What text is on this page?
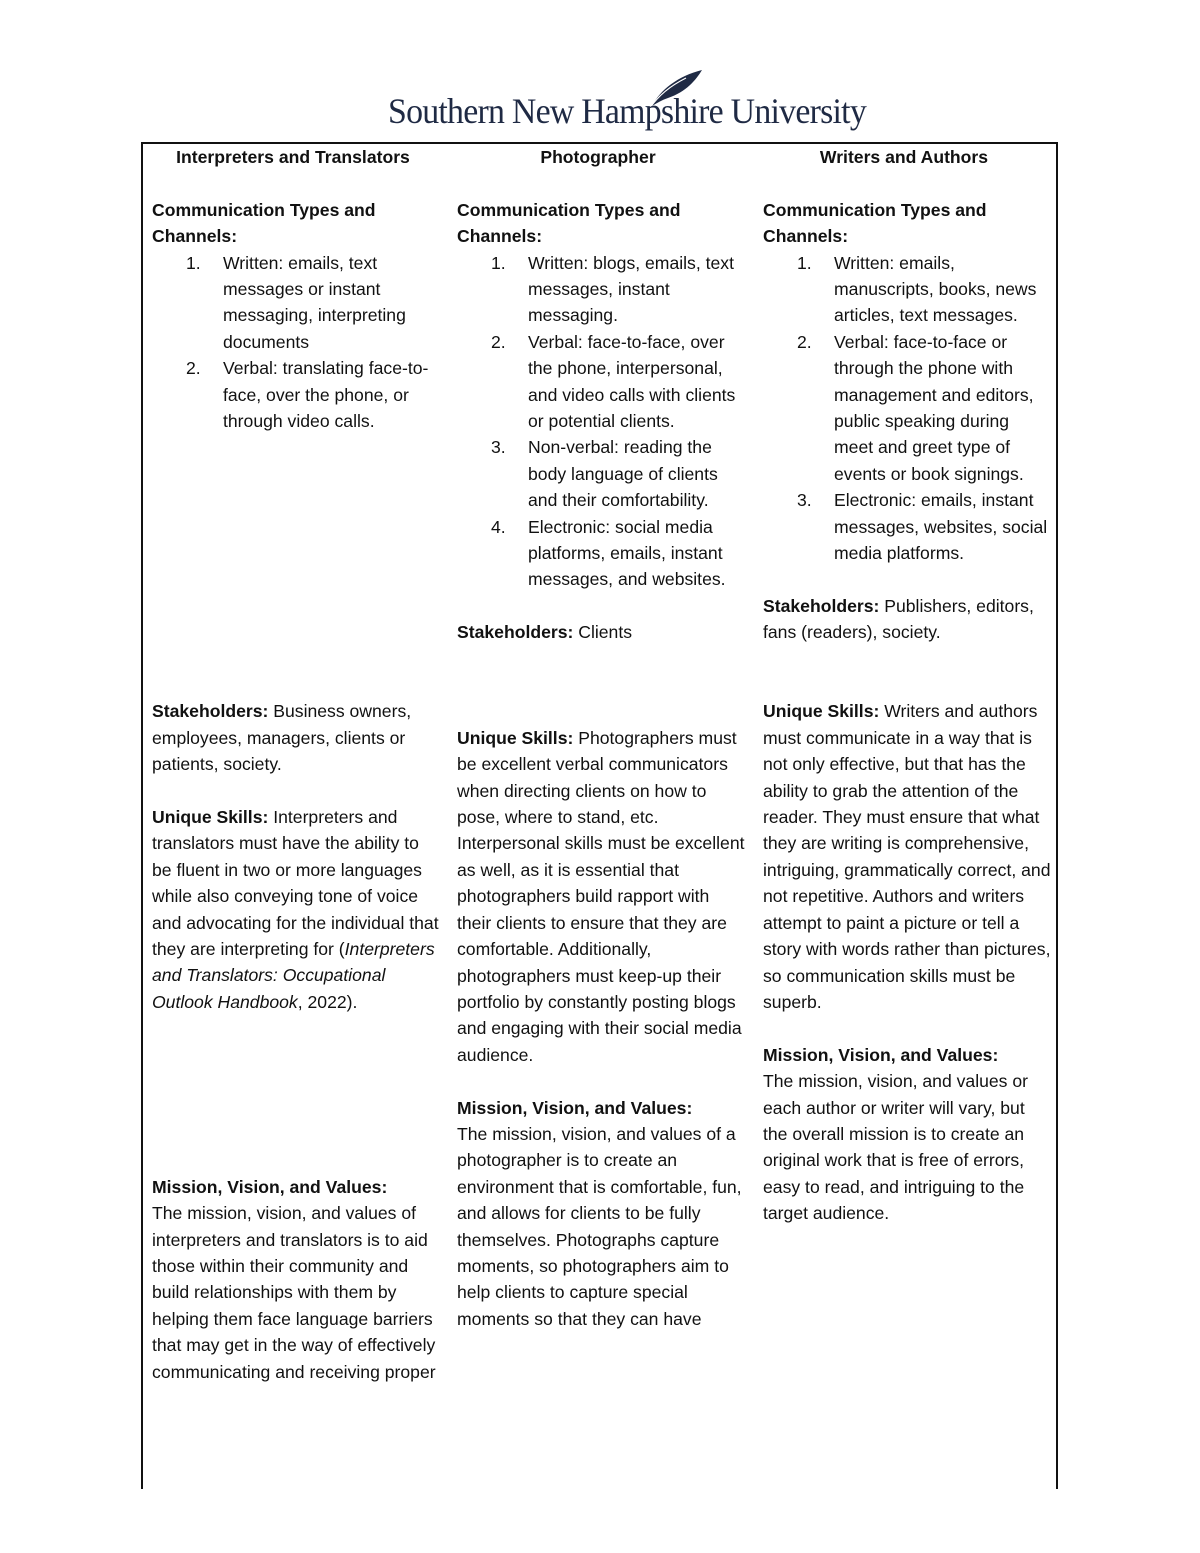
Southern New Hampshire University

Interpreters and Translators

Communication Types and Channels:

1. Written: emails, text messages or instant messaging, interpreting documents
2. Verbal: translating face-to-face, over the phone, or through video calls.

Stakeholders: Business owners, employees, managers, clients or patients, society.

Unique Skills: Interpreters and translators must have the ability to be fluent in two or more languages while also conveying tone of voice and advocating for the individual that they are interpreting for (Interpreters and Translators: Occupational Outlook Handbook, 2022).

Mission, Vision, and Values:

The mission, vision, and values of interpreters and translators is to aid those within their community and build relationships with them by helping them face language barriers that may get in the way of effectively communicating and receiving proper

Photographer

Communication Types and Channels:

1. Written: blogs, emails, text messages, instant messaging.
2. Verbal: face-to-face, over the phone, interpersonal, and video calls with clients or potential clients.
3. Non-verbal: reading the body language of clients and their comfortability.
4. Electronic: social media platforms, emails, instant messages, and websites.

Stakeholders: Clients

Unique Skills: Photographers must be excellent verbal communicators when directing clients on how to pose, where to stand, etc. Interpersonal skills must be excellent as well, as it is essential that photographers build rapport with their clients to ensure that they are comfortable. Additionally, photographers must keep-up their portfolio by constantly posting blogs and engaging with their social media audience.

Mission, Vision, and Values:

The mission, vision, and values of a photographer is to create an environment that is comfortable, fun, and allows for clients to be fully themselves. Photographs capture moments, so photographers aim to help clients to capture special moments so that they can have

Writers and Authors

Communication Types and Channels:

1. Written: emails, manuscripts, books, news articles, text messages.
2. Verbal: face-to-face or through the phone with management and editors, public speaking during meet and greet type of events or book signings.
3. Electronic: emails, instant messages, websites, social media platforms.

Stakeholders: Publishers, editors, fans (readers), society.

Unique Skills: Writers and authors must communicate in a way that is not only effective, but that has the ability to grab the attention of the reader. They must ensure that what they are writing is comprehensive, intriguing, grammatically correct, and not repetitive. Authors and writers attempt to paint a picture or tell a story with words rather than pictures, so communication skills must be superb.

Mission, Vision, and Values:

The mission, vision, and values or each author or writer will vary, but the overall mission is to create an original work that is free of errors, easy to read, and intriguing to the target audience.
